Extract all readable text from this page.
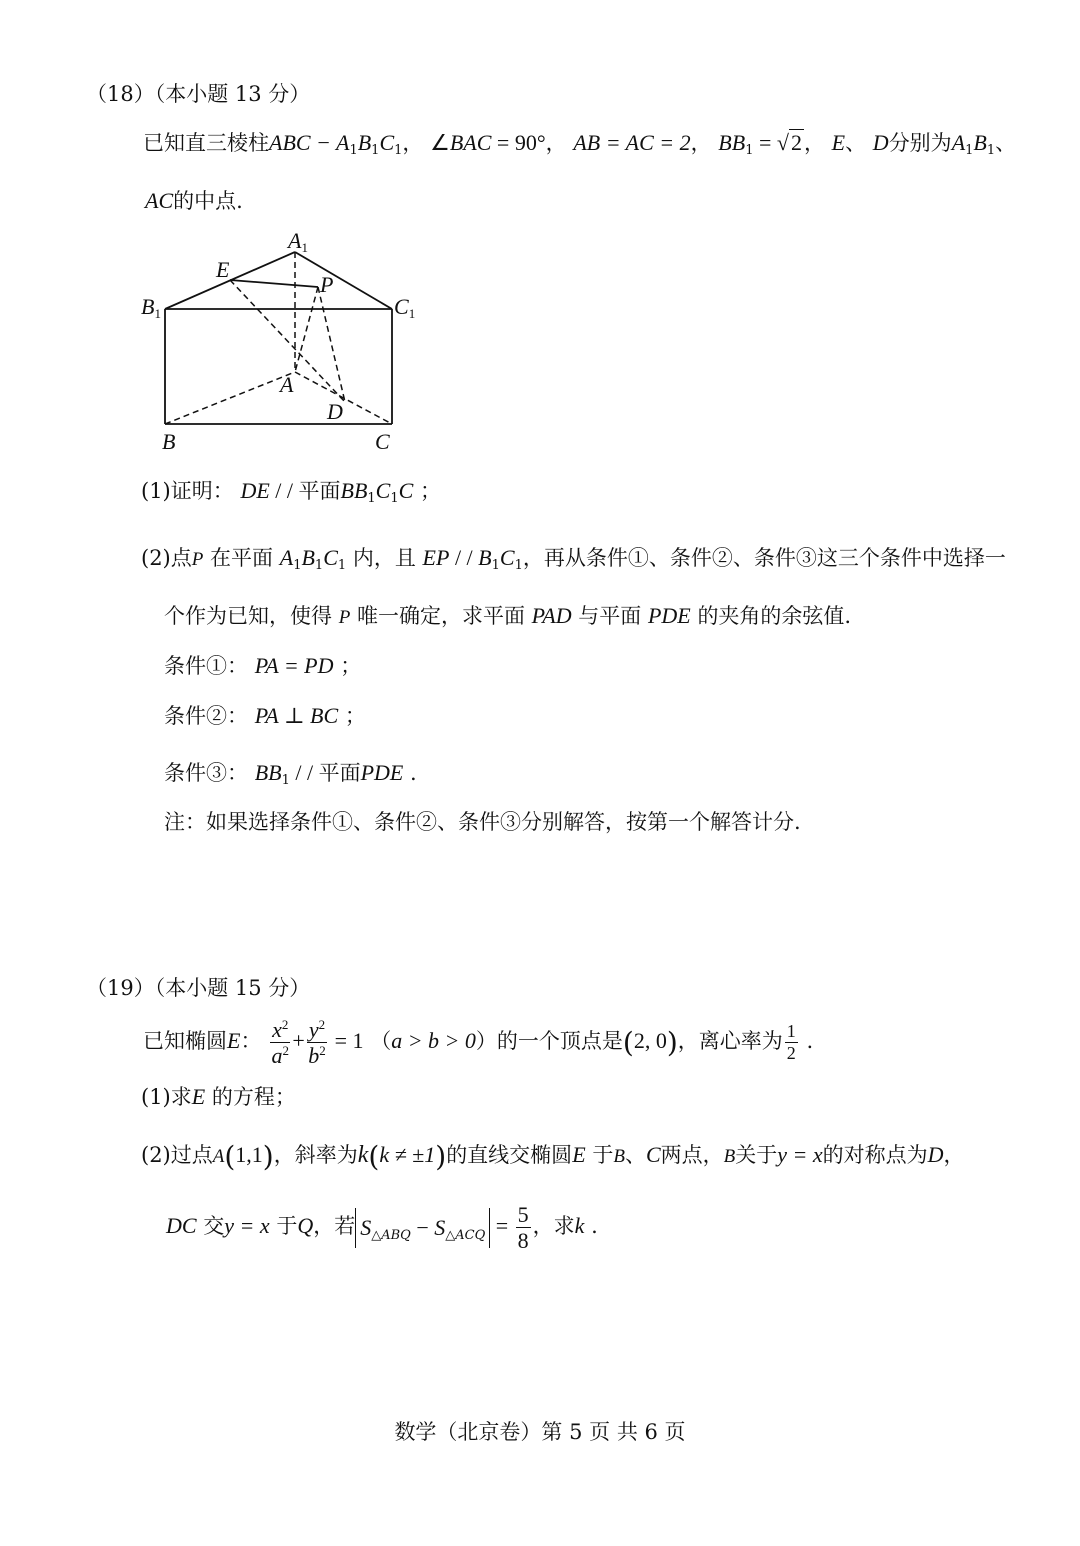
（18）（本小题 13 分）
已知直三棱柱ABC − $A_1B_1C_1$， ∠BAC = 90°， AB = AC = 2， $BB_1 = √2$， E、 D分别为$A_1B_1$、
AC的中点.
A1
E
P
B1	C1
A
D
B	C
(1)证明： DE / / 平面$BB_1C_1C$ ；
(2)点P 在平面 $A_1B_1C_1$ 内，且 EP / / $B_1C_1$，再从条件①、条件②、条件③这三个条件中选择一
个作为已知，使得 P 唯一确定，求平面 PAD 与平面 PDE 的夹角的余弦值.
条件①： PA = PD ；
条件②： PA ⊥ BC ；
条件③： $BB_1$ / / 平面PDE .
注：如果选择条件①、条件②、条件③分别解答，按第一个解答计分.
（19）（本小题 15 分）
已知椭圆E： $\frac{x^2}{a^2} + \frac{y^2}{b^2} = 1$ （a > b > 0）的一个顶点是(2, 0)，离心率为 $\frac{1}{2}$ .
(1)求E 的方程；
(2)过点A(1,1)，斜率为k(k ≠ ±1)的直线交椭圆E 于B、C两点，B关于y = x的对称点为D，
DC 交y = x 于Q，若 $S_{\triangle ABQ} - S_{\triangle ACQ} = \frac{5}{8}$ ，求k .
数学（北京卷）第 5 页 共 6 页
